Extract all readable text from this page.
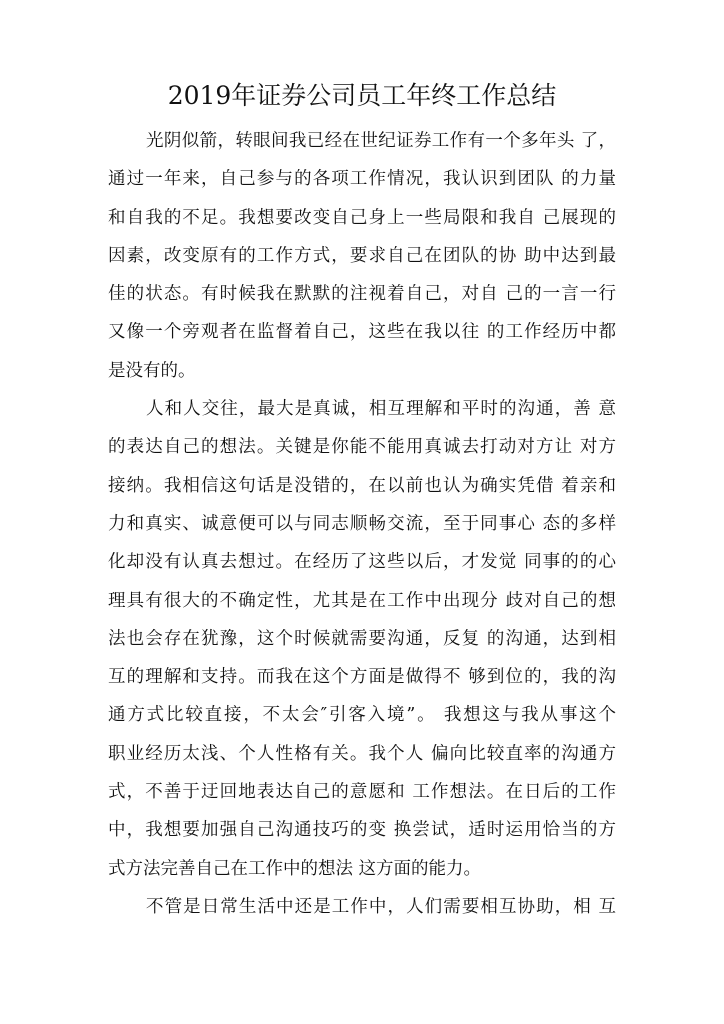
2019年证券公司员工年终工作总结
光阴似箭，转眼间我已经在世纪证券工作有一个多年头 了，
通过一年来，自己参与的各项工作情况，我认识到团队 的力量
和自我的不足。我想要改变自己身上一些局限和我自 己展现的
因素，改变原有的工作方式，要求自己在团队的协 助中达到最
佳的状态。有时候我在默默的注视着自己，对自 己的一言一行
又像一个旁观者在监督着自己，这些在我以往 的工作经历中都
是没有的。
人和人交往，最大是真诚，相互理解和平时的沟通，善 意
的表达自己的想法。关键是你能不能用真诚去打动对方让 对方
接纳。我相信这句话是没错的，在以前也认为确实凭借 着亲和
力和真实、诚意便可以与同志顺畅交流，至于同事心 态的多样
化却没有认真去想过。在经历了这些以后，才发觉 同事的的心
理具有很大的不确定性，尤其是在工作中出现分 歧对自己的想
法也会存在犹豫，这个时候就需要沟通，反复 的沟通，达到相
互的理解和支持。而我在这个方面是做得不 够到位的，我的沟
通方式比较直接，不太会″引客入境”。 我想这与我从事这个
职业经历太浅、个人性格有关。我个人 偏向比较直率的沟通方
式，不善于迂回地表达自己的意愿和 工作想法。在日后的工作
中，我想要加强自己沟通技巧的变 换尝试，适时运用恰当的方
式方法完善自己在工作中的想法 这方面的能力。
不管是日常生活中还是工作中，人们需要相互协助，相 互
